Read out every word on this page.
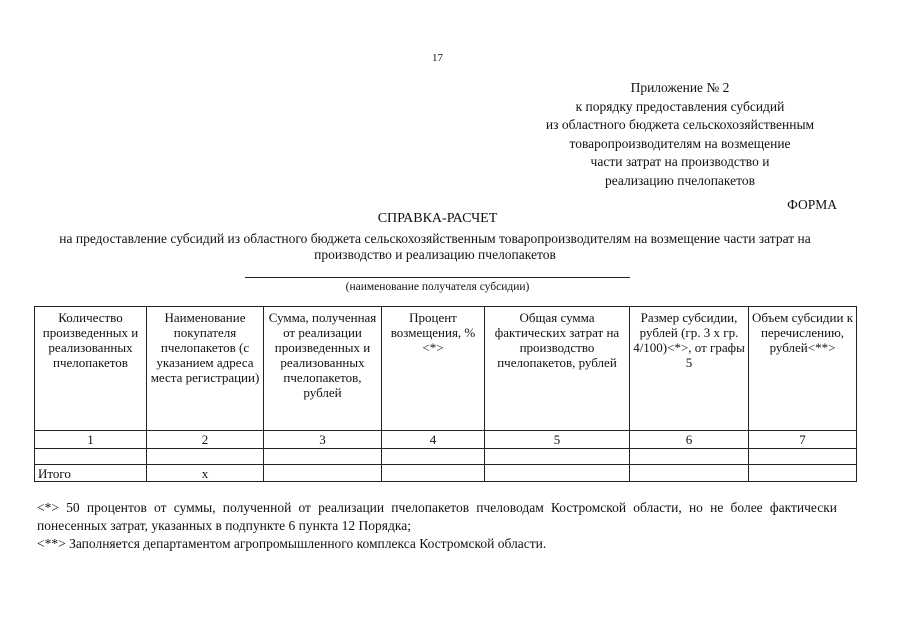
17
Приложение № 2
к порядку предоставления субсидий
из областного бюджета сельскохозяйственным
товаропроизводителям на возмещение
части затрат на производство и
реализацию пчелопакетов
ФОРМА
СПРАВКА-РАСЧЕТ
на предоставление субсидий из областного бюджета сельскохозяйственным товаропроизводителям на возмещение части затрат на производство и реализацию пчелопакетов
(наименование получателя субсидии)
Количество произведенных и реализованных пчелопакетов	Наименование покупателя пчелопакетов (с указанием адреса места регистрации)	Сумма, полученная от реализации произведенных и реализованных пчелопакетов, рублей	Процент возмещения, %<*>	Общая сумма фактических затрат на производство пчелопакетов, рублей	Размер субсидии, рублей (гр. 3 х гр. 4/100)<*>, от графы 5	Объем субсидии к перечислению, рублей<**>
1	2	3	4	5	6	7

Итого	х					

<*> 50 процентов от суммы, полученной от реализации пчелопакетов пчеловодам Костромской области, но не более фактически понесенных затрат, указанных в подпункте 6 пункта 12 Порядка;

<**> Заполняется департаментом агропромышленного комплекса Костромской области.
